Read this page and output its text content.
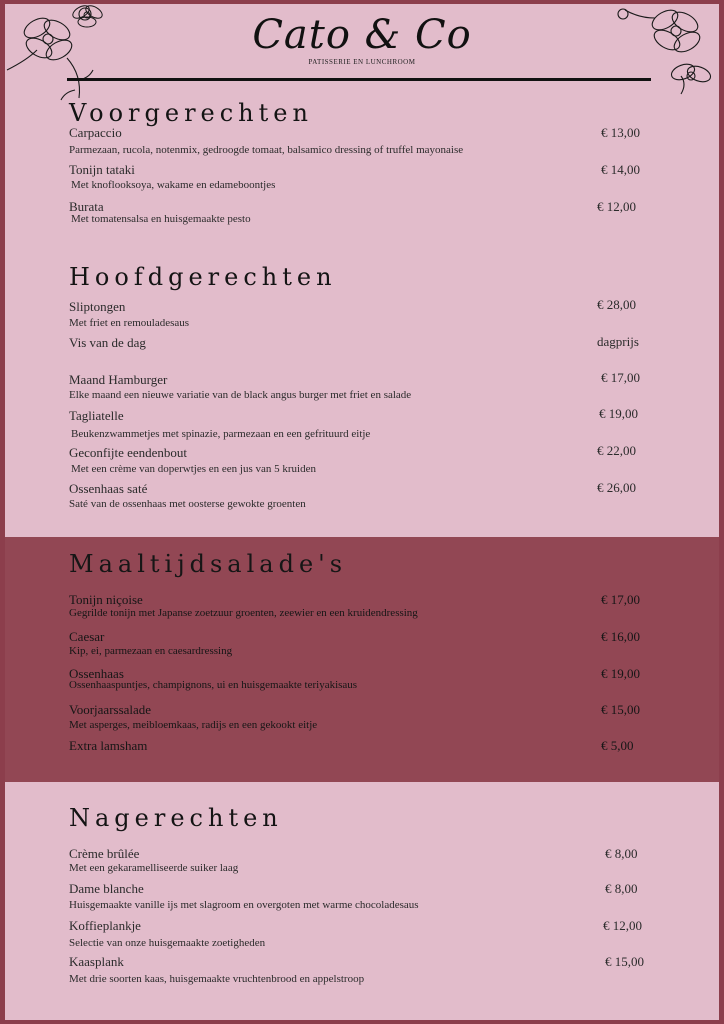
Cato & Co
PATISSERIE EN LUNCHROOM
Voorgerechten
Carpaccio	€ 13,00
Parmezaan, rucola, notenmix, gedroogde tomaat, balsamico dressing of truffel mayonaise
Tonijn tataki	€ 14,00
Met knoflooksoya, wakame en edameboontjes
Burata	€ 12,00
Met tomatensalsa en huisgemaakte pesto
Hoofdgerechten
Sliptongen	€ 28,00
Met friet en remouladesaus
Vis van de dag	dagprijs
Maand Hamburger	€ 17,00
Elke maand een nieuwe variatie van de black angus burger met friet en salade
Tagliatelle	€ 19,00
Beukenzwammetjes met spinazie, parmezaan en een gefrituurd eitje
Geconfijte eendenbout	€ 22,00
Met een crème van doperwtjes en een jus van 5 kruiden
Ossenhaas saté	€ 26,00
Saté van de ossenhaas met oosterse gewokte groenten
Maaltijdsalade's
Tonijn niçoise	€ 17,00
Gegrilde tonijn met Japanse zoetzuur groenten, zeewier en een kruidendressing
Caesar	€ 16,00
Kip, ei, parmezaan en caesardressing
Ossenhaas	€ 19,00
Ossenhaaspuntjes, champignons, ui en huisgemaakte teriyakisaus
Voorjaarssalade	€ 15,00
Met asperges, meibloemkaas, radijs en een gekookt eitje
Extra lamsham	€ 5,00
Nagerechten
Crème brûlée	€ 8,00
Met een gekaramelliseerde suiker laag
Dame blanche	€ 8,00
Huisgemaakte vanille ijs met slagroom en overgoten met warme chocoladesaus
Koffieplankje	€ 12,00
Selectie van onze huisgemaakte zoetigheden
Kaasplank	€ 15,00
Met drie soorten kaas, huisgemaakte vruchtenbrood en appelstroop
